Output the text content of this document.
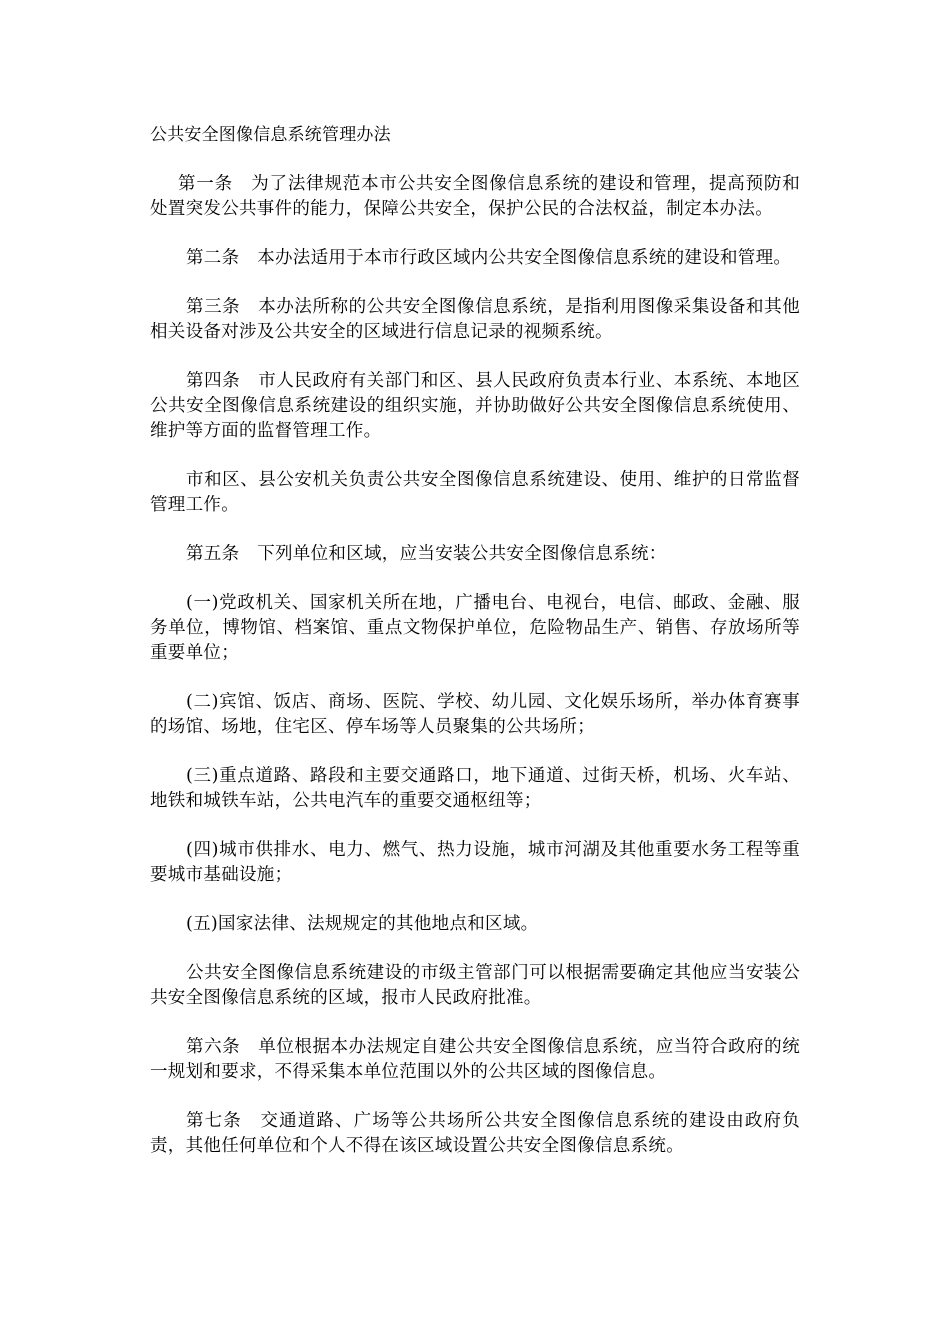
公共安全图像信息系统管理办法

第一条　为了法律规范本市公共安全图像信息系统的建设和管理，提高预防和处置突发公共事件的能力，保障公共安全，保护公民的合法权益，制定本办法。

第二条　本办法适用于本市行政区域内公共安全图像信息系统的建设和管理。

第三条　本办法所称的公共安全图像信息系统，是指利用图像采集设备和其他相关设备对涉及公共安全的区域进行信息记录的视频系统。

第四条　市人民政府有关部门和区、县人民政府负责本行业、本系统、本地区公共安全图像信息系统建设的组织实施，并协助做好公共安全图像信息系统使用、维护等方面的监督管理工作。

市和区、县公安机关负责公共安全图像信息系统建设、使用、维护的日常监督管理工作。

第五条　下列单位和区域，应当安装公共安全图像信息系统：

(一)党政机关、国家机关所在地，广播电台、电视台，电信、邮政、金融、服务单位，博物馆、档案馆、重点文物保护单位，危险物品生产、销售、存放场所等重要单位；

(二)宾馆、饭店、商场、医院、学校、幼儿园、文化娱乐场所，举办体育赛事的场馆、场地，住宅区、停车场等人员聚集的公共场所；

(三)重点道路、路段和主要交通路口，地下通道、过街天桥，机场、火车站、地铁和城铁车站，公共电汽车的重要交通枢纽等；

(四)城市供排水、电力、燃气、热力设施，城市河湖及其他重要水务工程等重要城市基础设施；

(五)国家法律、法规规定的其他地点和区域。

公共安全图像信息系统建设的市级主管部门可以根据需要确定其他应当安装公共安全图像信息系统的区域，报市人民政府批准。

第六条　单位根据本办法规定自建公共安全图像信息系统，应当符合政府的统一规划和要求，不得采集本单位范围以外的公共区域的图像信息。

第七条　交通道路、广场等公共场所公共安全图像信息系统的建设由政府负责，其他任何单位和个人不得在该区域设置公共安全图像信息系统。
